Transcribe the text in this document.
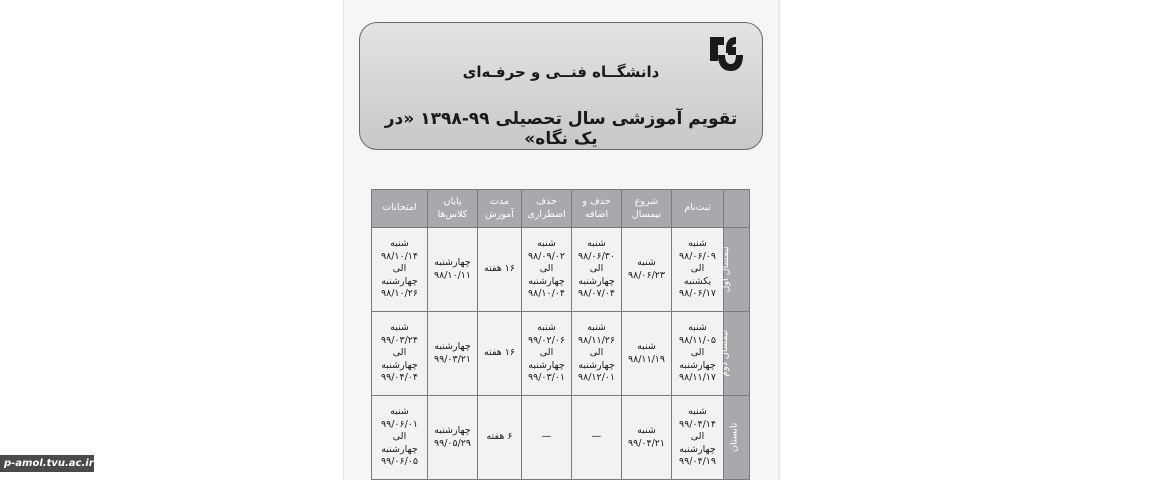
دانشگــاه فنــی و حرفـه‌ای
تقویم آموزشی سال تحصیلی ۹۹-۱۳۹۸ «در یک نگاه»
	ثبت‌نام	شروع نیمسال	حذف و اضافه	حذف اضطراری	مدت آموزش	پایان کلاس‌ها	امتحانات
نیمسال اول	شنبه
۹۸/۰۶/۰۹
الی
یکشنبه
۹۸/۰۶/۱۷	شنبه
۹۸/۰۶/۲۳	شنبه
۹۸/۰۶/۳۰
الی
چهارشنبه
۹۸/۰۷/۰۴	شنبه
۹۸/۰۹/۰۲
الی
چهارشنبه
۹۸/۱۰/۰۴	۱۶ هفته	چهارشنبه
۹۸/۱۰/۱۱	شنبه
۹۸/۱۰/۱۴
الی
چهارشنبه
۹۸/۱۰/۲۶

نیمسال دوم	شنبه
۹۸/۱۱/۰۵
الی
چهارشنبه
۹۸/۱۱/۱۷	شنبه
۹۸/۱۱/۱۹	شنبه
۹۸/۱۱/۲۶
الی
چهارشنبه
۹۸/۱۲/۰۱	شنبه
۹۹/۰۲/۰۶
الی
چهارشنبه
۹۹/۰۳/۰۱	۱۶ هفته	چهارشنبه
۹۹/۰۳/۲۱	شنبه
۹۹/۰۳/۲۴
الی
چهارشنبه
۹۹/۰۴/۰۴

تابستان	شنبه
۹۹/۰۴/۱۴
الی
چهارشنبه
۹۹/۰۴/۱۹	شنبه
۹۹/۰۴/۲۱	—	—	۶ هفته	چهارشنبه
۹۹/۰۵/۲۹	شنبه
۹۹/۰۶/۰۱
الی
چهارشنبه
۹۹/۰۶/۰۵
p-amol.tvu.ac.ir
